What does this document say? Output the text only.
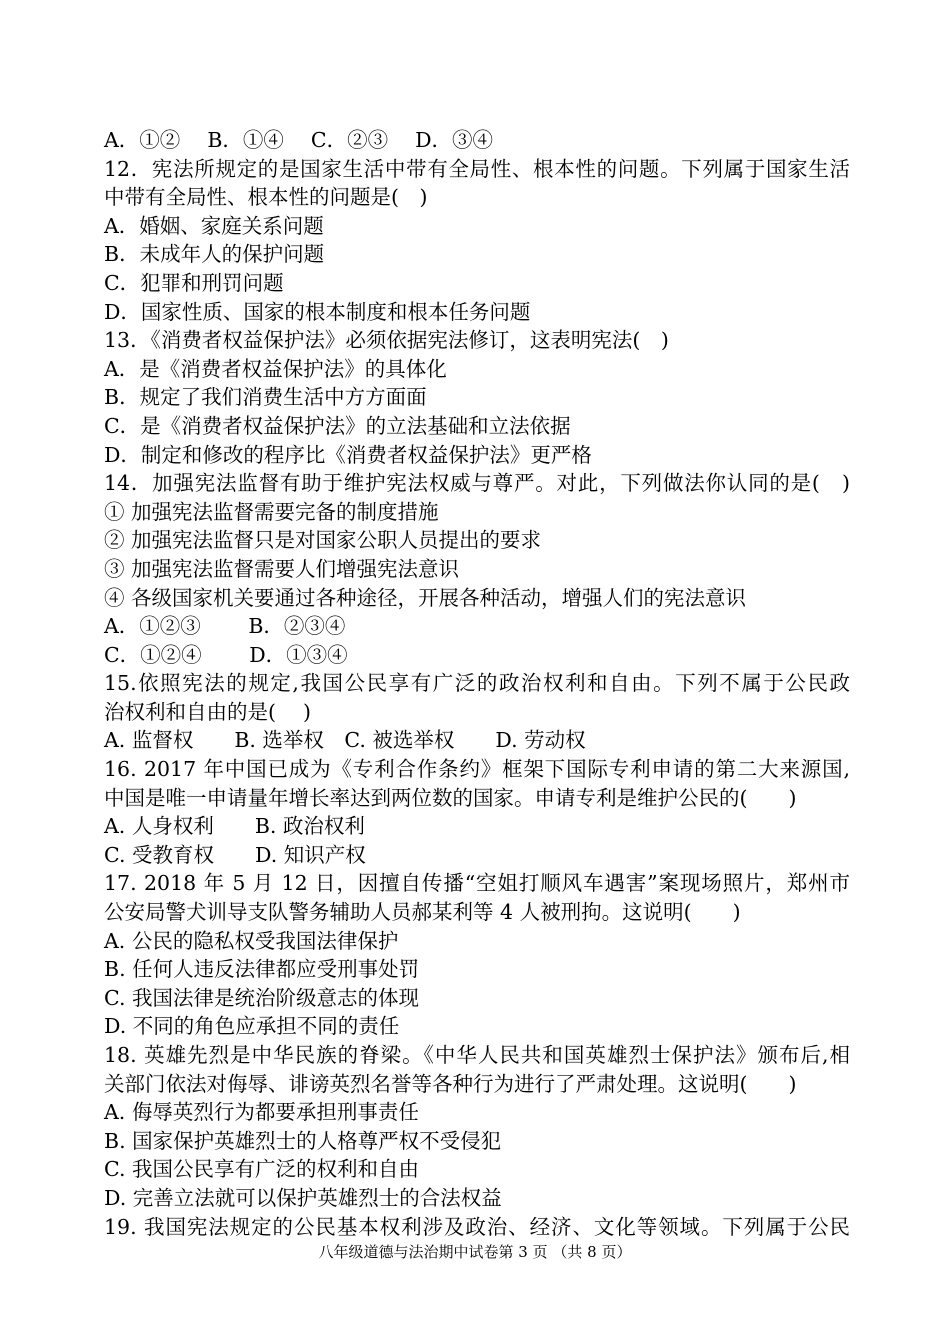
A．①②　 B．①④　 C．②③　 D．③④
12．宪法所规定的是国家生活中带有全局性、根本性的问题。下列属于国家生活
中带有全局性、根本性的问题是(　)
A．婚姻、家庭关系问题
B．未成年人的保护问题
C．犯罪和刑罚问题
D．国家性质、国家的根本制度和根本任务问题
13．《消费者权益保护法》必须依据宪法修订，这表明宪法(　)
A．是《消费者权益保护法》的具体化
B．规定了我们消费生活中方方面面
C．是《消费者权益保护法》的立法基础和立法依据
D．制定和修改的程序比《消费者权益保护法》更严格
14．加强宪法监督有助于维护宪法权威与尊严。对此，下列做法你认同的是(　)
① 加强宪法监督需要完备的制度措施
② 加强宪法监督只是对国家公职人员提出的要求
③ 加强宪法监督需要人们增强宪法意识
④ 各级国家机关要通过各种途径，开展各种活动，增强人们的宪法意识
A．①②③　　 B．②③④
C．①②④　　 D．①③④
15.依照宪法的规定,我国公民享有广泛的政治权利和自由。下列不属于公民政
治权利和自由的是(　 )
A. 监督权　　B. 选举权　C. 被选举权　　D. 劳动权
16. 2017 年中国已成为《专利合作条约》框架下国际专利申请的第二大来源国,
中国是唯一申请量年增长率达到两位数的国家。申请专利是维护公民的(　　)
A. 人身权利　　B. 政治权利
C. 受教育权　　D. 知识产权
17. 2018 年 5 月 12 日，因擅自传播“空姐打顺风车遇害”案现场照片，郑州市
公安局警犬训导支队警务辅助人员郝某利等 4 人被刑拘。这说明(　　)
A. 公民的隐私权受我国法律保护
B. 任何人违反法律都应受刑事处罚
C. 我国法律是统治阶级意志的体现
D. 不同的角色应承担不同的责任
18. 英雄先烈是中华民族的脊梁。《中华人民共和国英雄烈士保护法》颁布后,相
关部门依法对侮辱、诽谤英烈名誉等各种行为进行了严肃处理。这说明(　　)
A. 侮辱英烈行为都要承担刑事责任
B. 国家保护英雄烈士的人格尊严权不受侵犯
C. 我国公民享有广泛的权利和自由
D. 完善立法就可以保护英雄烈士的合法权益
19. 我国宪法规定的公民基本权利涉及政治、经济、文化等领域。下列属于公民
八年级道德与法治期中试卷第 3 页 （共 8 页）
